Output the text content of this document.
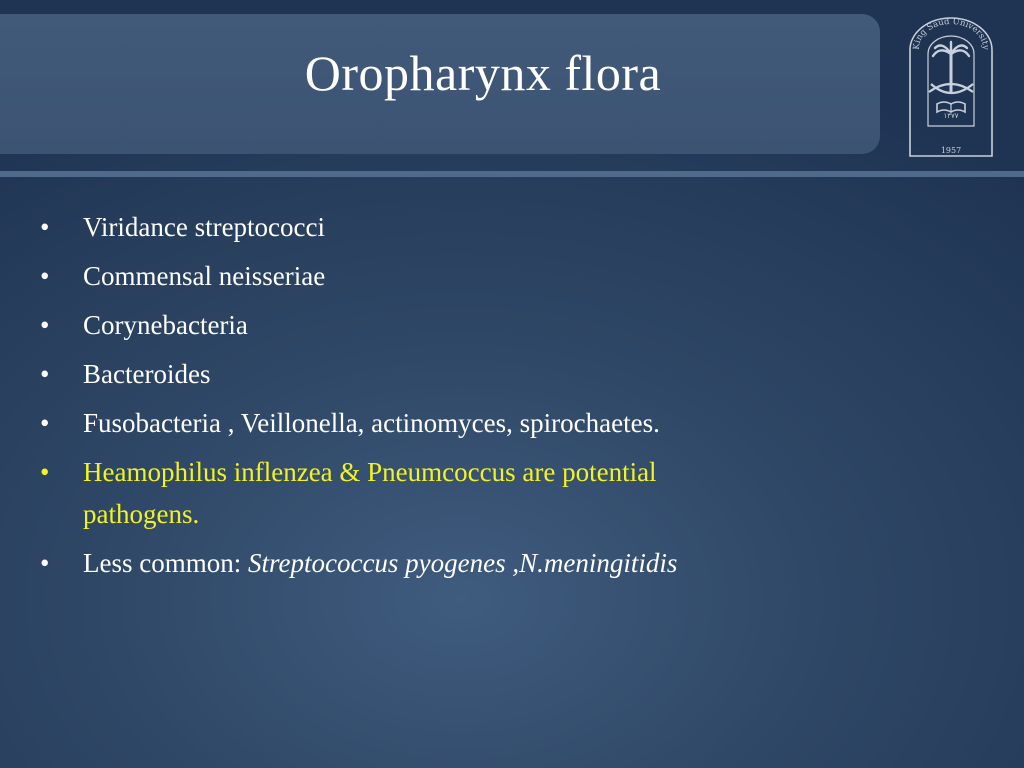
Oropharynx flora	King Saud University
1957
١٣٧٧
•	Viridance streptococci
•	Commensal neisseriae
•	Corynebacteria
•	Bacteroides
•	Fusobacteria , Veillonella, actinomyces, spirochaetes.
•	Heamophilus inflenzea & Pneumcoccus are potential
pathogens.
•	Less common: Streptococcus pyogenes ,N.meningitidis
